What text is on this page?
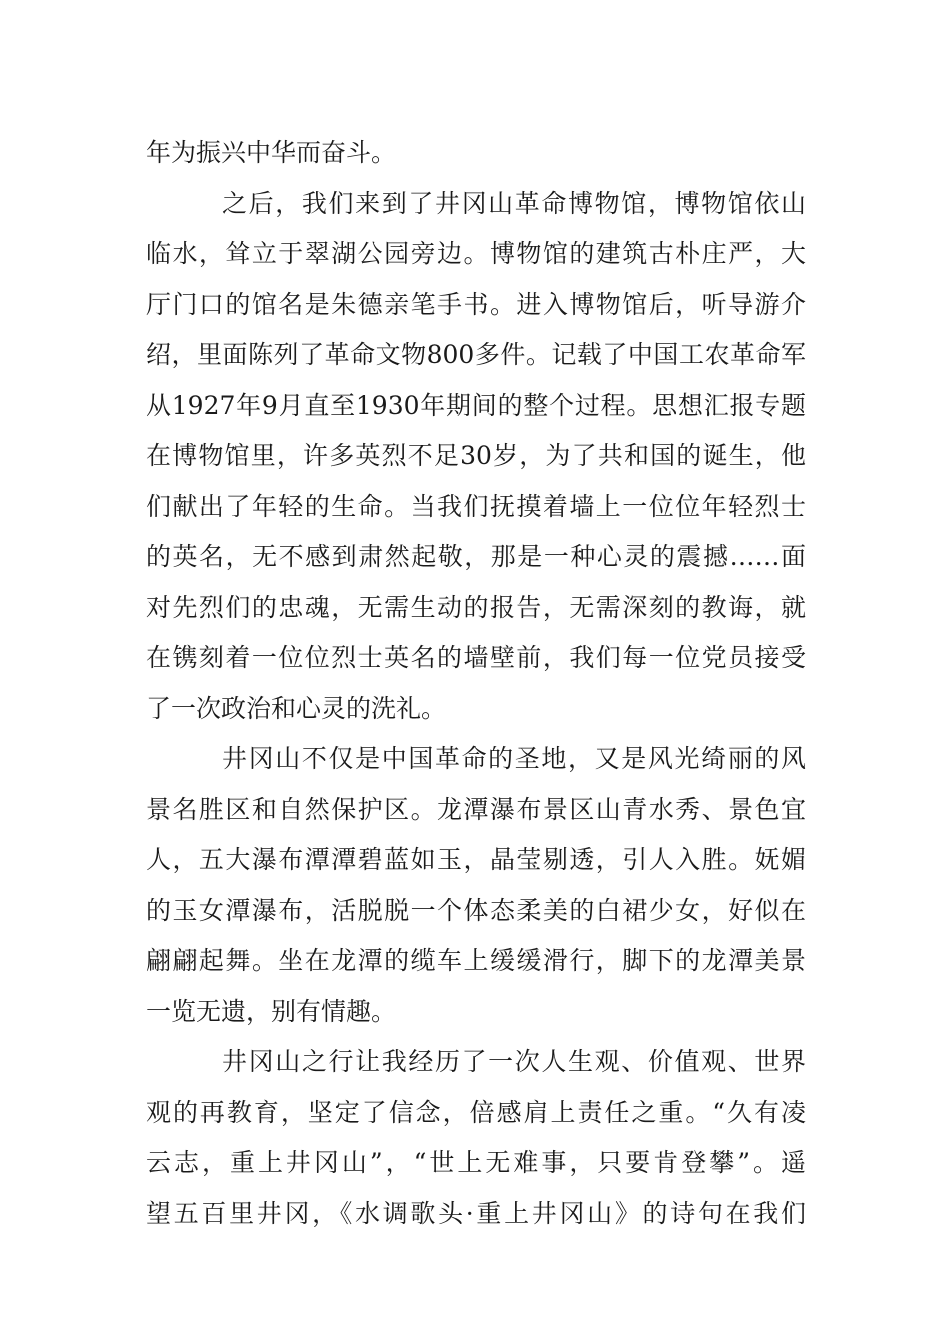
年为振兴中华而奋斗。
之后，我们来到了井冈山革命博物馆，博物馆依山
临水，耸立于翠湖公园旁边。博物馆的建筑古朴庄严，大
厅门口的馆名是朱德亲笔手书。进入博物馆后，听导游介
绍，里面陈列了革命文物800多件。记载了中国工农革命军
从1927年9月直至1930年期间的整个过程。思想汇报专题
在博物馆里，许多英烈不足30岁，为了共和国的诞生，他
们献出了年轻的生命。当我们抚摸着墙上一位位年轻烈士
的英名，无不感到肃然起敬，那是一种心灵的震撼……面
对先烈们的忠魂，无需生动的报告，无需深刻的教诲，就
在镌刻着一位位烈士英名的墙壁前，我们每一位党员接受
了一次政治和心灵的洗礼。
井冈山不仅是中国革命的圣地，又是风光绮丽的风
景名胜区和自然保护区。龙潭瀑布景区山青水秀、景色宜
人，五大瀑布潭潭碧蓝如玉，晶莹剔透，引人入胜。妩媚
的玉女潭瀑布，活脱脱一个体态柔美的白裙少女，好似在
翩翩起舞。坐在龙潭的缆车上缓缓滑行，脚下的龙潭美景
一览无遗，别有情趣。
井冈山之行让我经历了一次人生观、价值观、世界
观的再教育，坚定了信念，倍感肩上责任之重。“久有凌
云志，重上井冈山”，“世上无难事，只要肯登攀”。遥
望五百里井冈，《水调歌头·重上井冈山》的诗句在我们
